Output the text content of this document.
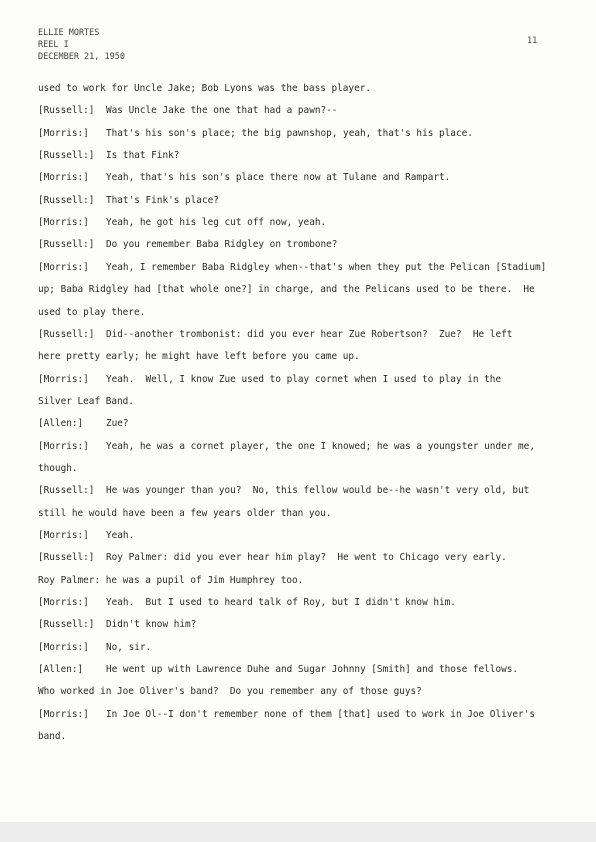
ELLIE MORTES
REEL I
DECEMBER 21, 1950
11
used to work for Uncle Jake; Bob Lyons was the bass player.
[Russell:] Was Uncle Jake the one that had a pawn?--
[Morris:] That's his son's place; the big pawnshop, yeah, that's his place.
[Russell:] Is that Fink?
[Morris:] Yeah, that's his son's place there now at Tulane and Rampart.
[Russell:] That's Fink's place?
[Morris:] Yeah, he got his leg cut off now, yeah.
[Russell:] Do you remember Baba Ridgley on trombone?
[Morris:] Yeah, I remember Baba Ridgley when--that's when they put the Pelican [Stadium]
up; Baba Ridgley had [that whole one?] in charge, and the Pelicans used to be there.  He
used to play there.
[Russell:] Did--another trombonist: did you ever hear Zue Robertson?  Zue?  He left
here pretty early; he might have left before you came up.
[Morris:] Yeah.  Well, I know Zue used to play cornet when I used to play in the
Silver Leaf Band.
[Allen:] Zue?
[Morris:] Yeah, he was a cornet player, the one I knowed; he was a youngster under me,
though.
[Russell:] He was younger than you?  No, this fellow would be--he wasn't very old, but
still he would have been a few years older than you.
[Morris:] Yeah.
[Russell:] Roy Palmer: did you ever hear him play?  He went to Chicago very early.
Roy Palmer: he was a pupil of Jim Humphrey too.
[Morris:] Yeah.  But I used to heard talk of Roy, but I didn't know him.
[Russell:] Didn't know him?
[Morris:] No, sir.
[Allen:] He went up with Lawrence Duhe and Sugar Johnny [Smith] and those fellows.
Who worked in Joe Oliver's band?  Do you remember any of those guys?
[Morris:] In Joe Ol--I don't remember none of them [that] used to work in Joe Oliver's
band.
